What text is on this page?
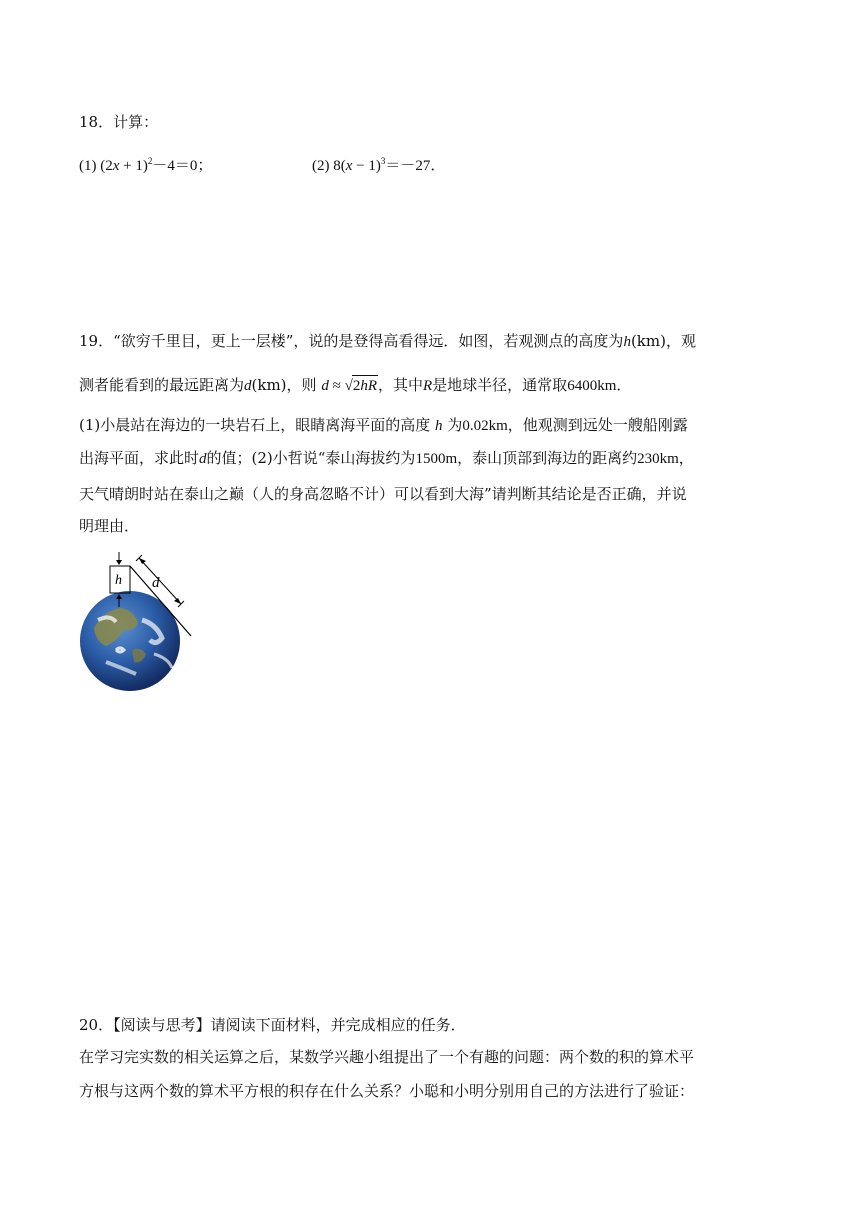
18．计算：
(1) $(2x + 1)^2-4=0$；	(2) $8(x - 1)^3=-27$．
19．“欲穷千里目，更上一层楼”，说的是登得高看得远．如图，若观测点的高度为h(km)，观
测者能看到的最远距离为d(km)，则 d ≈ √2hR，其中R是地球半径，通常取6400km．
(1)小晨站在海边的一块岩石上，眼睛离海平面的高度 h 为0.02km，他观测到远处一艘船刚露
出海平面，求此时d的值；(2)小哲说“泰山海拔约为1500m，泰山顶部到海边的距离约230km，
天气晴朗时站在泰山之巅（人的身高忽略不计）可以看到大海”请判断其结论是否正确，并说
明理由．
h d
20．【阅读与思考】请阅读下面材料，并完成相应的任务．
在学习完实数的相关运算之后，某数学兴趣小组提出了一个有趣的问题：两个数的积的算术平
方根与这两个数的算术平方根的积存在什么关系？小聪和小明分别用自己的方法进行了验证：
